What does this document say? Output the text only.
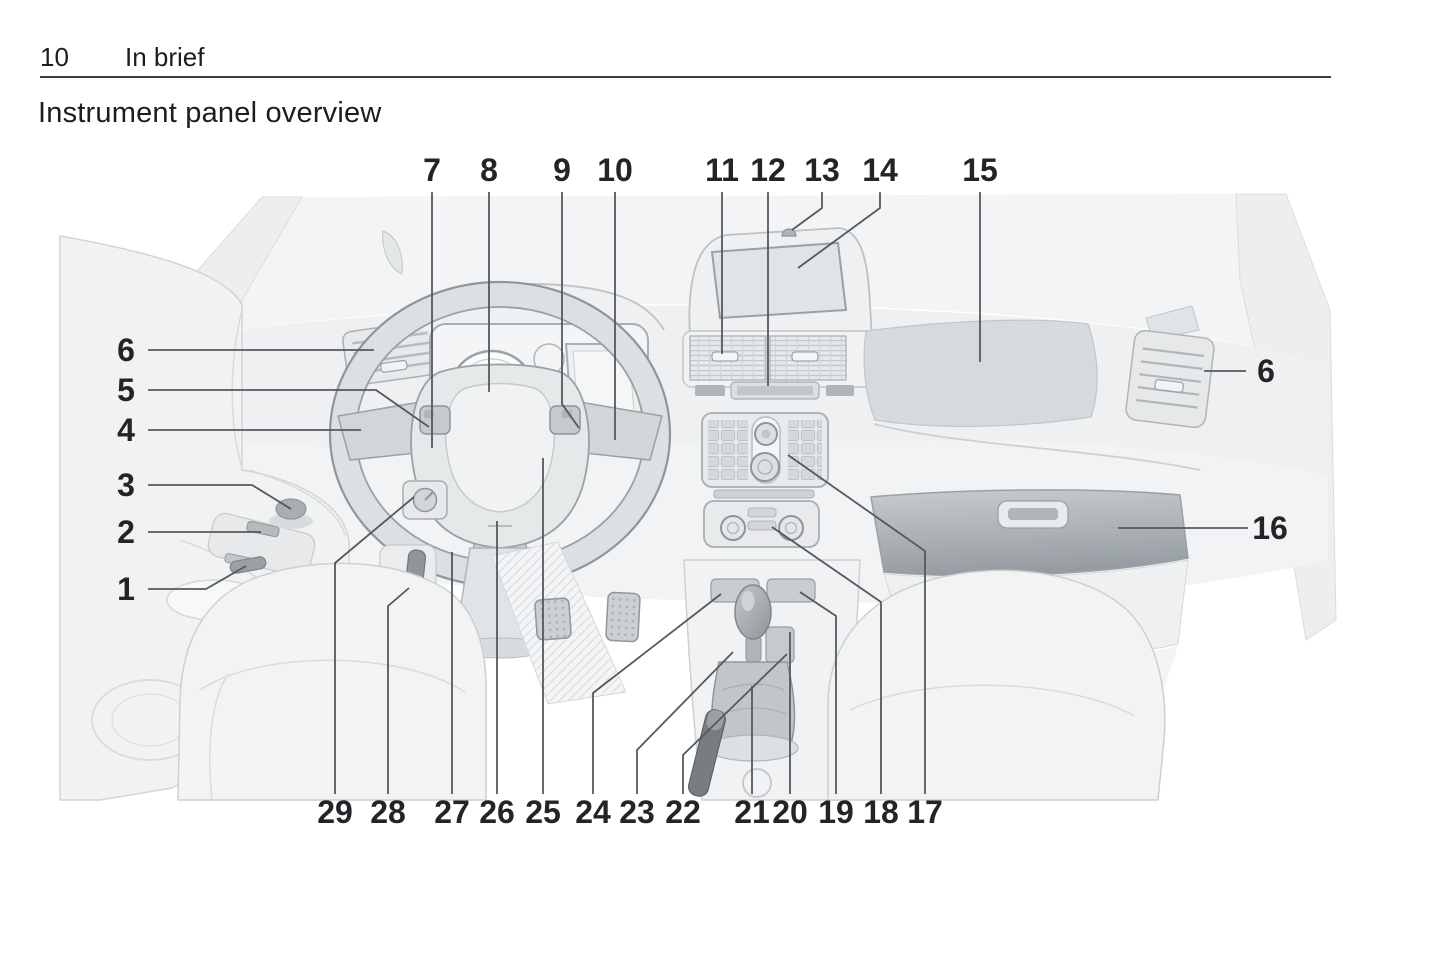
10 In brief
Instrument panel overview
7 8 9 10 11 12 13 14 15
6
5
4
3
2
1
6
16
29 28 27 26 25 24 23 22 21 20 19 18 17
